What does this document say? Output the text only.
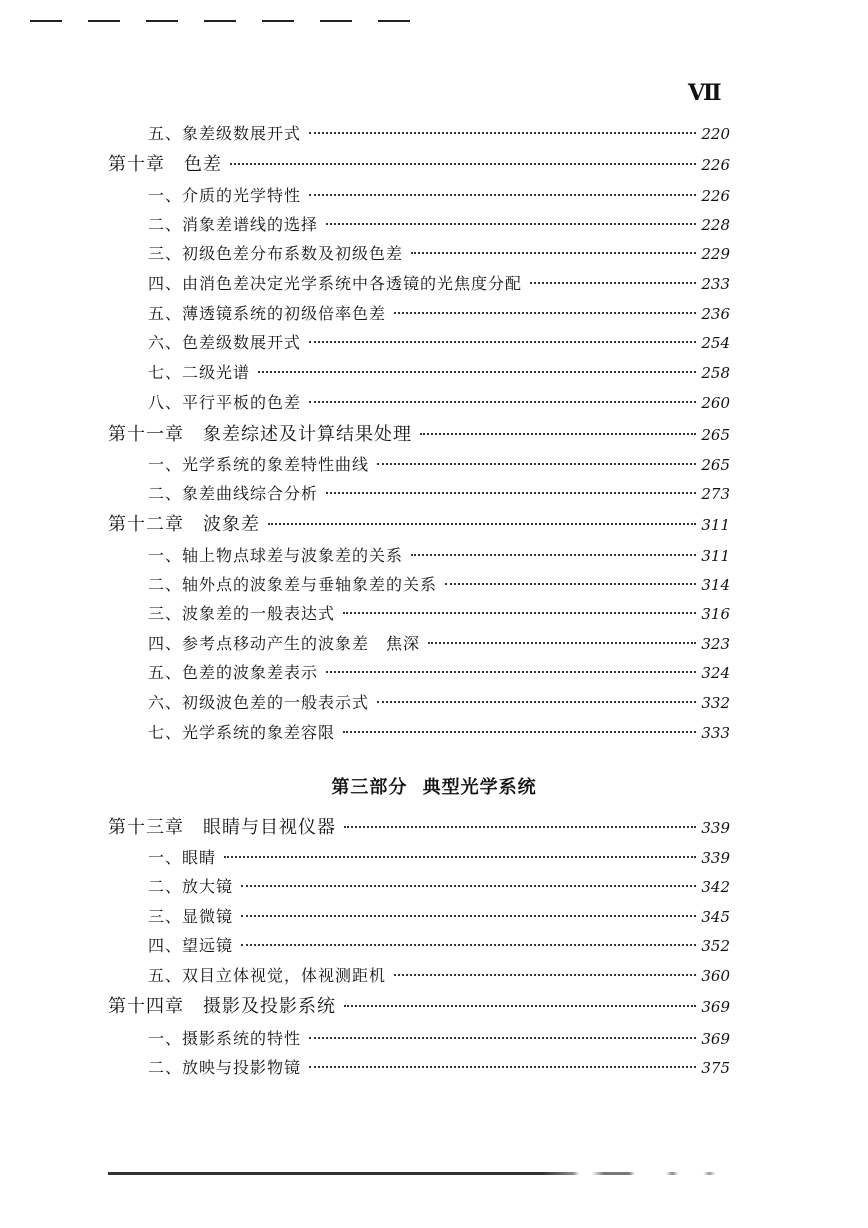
Ⅶ
五、象差级数展开式	220
第十章　色差	226
一、介质的光学特性	226
二、消象差谱线的选择	228
三、初级色差分布系数及初级色差	229
四、由消色差决定光学系统中各透镜的光焦度分配	233
五、薄透镜系统的初级倍率色差	236
六、色差级数展开式	254
七、二级光谱	258
八、平行平板的色差	260
第十一章　象差综述及计算结果处理	265
一、光学系统的象差特性曲线	265
二、象差曲线综合分析	273
第十二章　波象差	311
一、轴上物点球差与波象差的关系	311
二、轴外点的波象差与垂轴象差的关系	314
三、波象差的一般表达式	316
四、参考点移动产生的波象差　焦深	323
五、色差的波象差表示	324
六、初级波色差的一般表示式	332
七、光学系统的象差容限	333
第十三章　眼睛与目视仪器	339
一、眼睛	339
二、放大镜	342
三、显微镜	345
四、望远镜	352
五、双目立体视觉，体视测距机	360
第十四章　摄影及投影系统	369
一、摄影系统的特性	369
二、放映与投影物镜	375
第三部分 典型光学系统
